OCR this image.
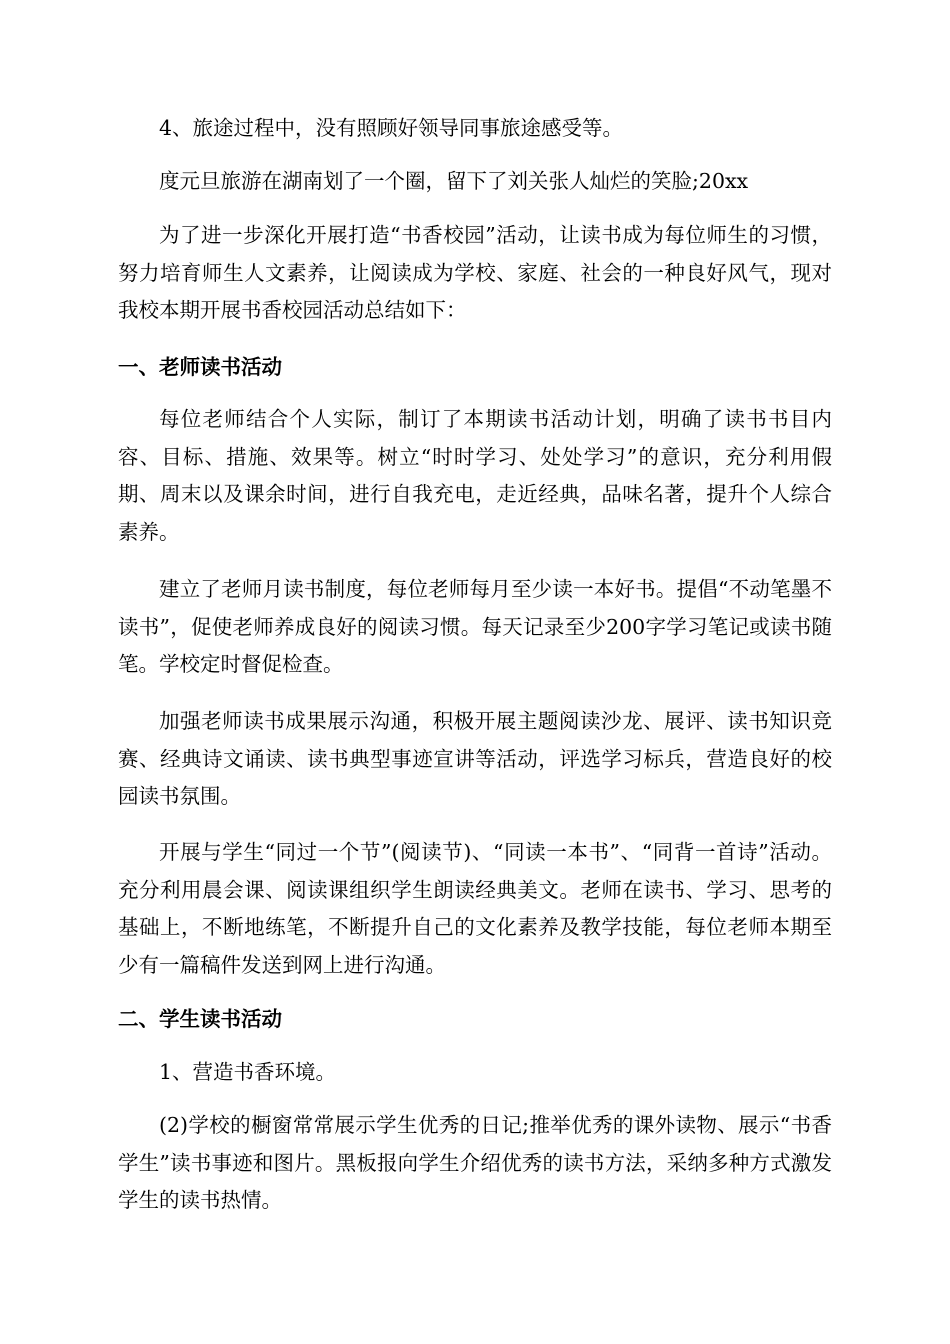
4、旅途过程中，没有照顾好领导同事旅途感受等。

度元旦旅游在湖南划了一个圈，留下了刘关张人灿烂的笑脸;20xx

为了进一步深化开展打造“书香校园”活动，让读书成为每位师生的习惯，努力培育师生人文素养，让阅读成为学校、家庭、社会的一种良好风气，现对我校本期开展书香校园活动总结如下：

一、老师读书活动

每位老师结合个人实际，制订了本期读书活动计划，明确了读书书目内容、目标、措施、效果等。树立“时时学习、处处学习”的意识，充分利用假期、周末以及课余时间，进行自我充电，走近经典，品味名著，提升个人综合素养。

建立了老师月读书制度，每位老师每月至少读一本好书。提倡“不动笔墨不读书”，促使老师养成良好的阅读习惯。每天记录至少200字学习笔记或读书随笔。学校定时督促检查。

加强老师读书成果展示沟通，积极开展主题阅读沙龙、展评、读书知识竞赛、经典诗文诵读、读书典型事迹宣讲等活动，评选学习标兵，营造良好的校园读书氛围。

开展与学生“同过一个节”(阅读节)、“同读一本书”、“同背一首诗”活动。充分利用晨会课、阅读课组织学生朗读经典美文。老师在读书、学习、思考的基础上，不断地练笔，不断提升自己的文化素养及教学技能，每位老师本期至少有一篇稿件发送到网上进行沟通。

二、学生读书活动

1、营造书香环境。

(2)学校的橱窗常常展示学生优秀的日记;推举优秀的课外读物、展示“书香学生”读书事迹和图片。黑板报向学生介绍优秀的读书方法，采纳多种方式激发学生的读书热情。
